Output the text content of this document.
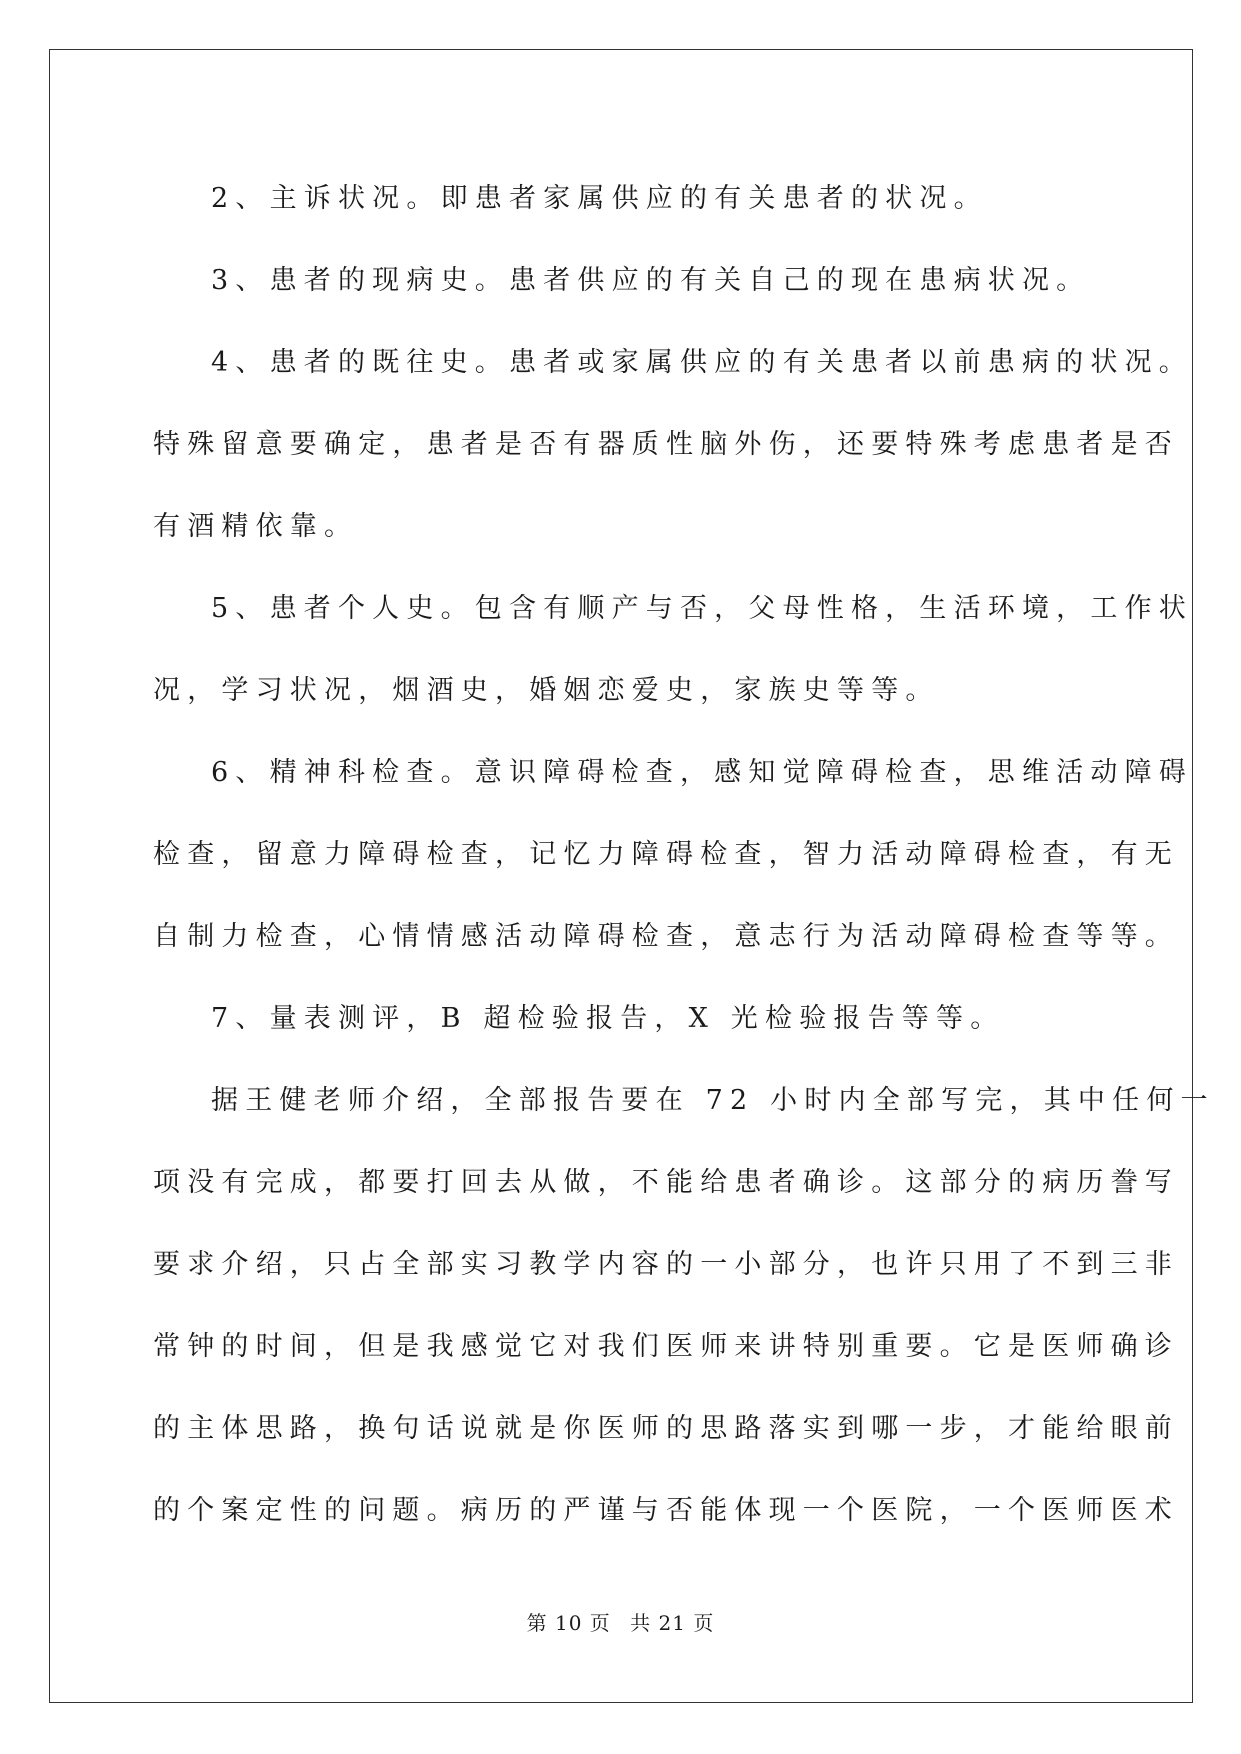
2、主诉状况。即患者家属供应的有关患者的状况。

3、患者的现病史。患者供应的有关自己的现在患病状况。

4、患者的既往史。患者或家属供应的有关患者以前患病的状况。
特殊留意要确定，患者是否有器质性脑外伤，还要特殊考虑患者是否
有酒精依靠。

5、患者个人史。包含有顺产与否，父母性格，生活环境，工作状
况，学习状况，烟酒史，婚姻恋爱史，家族史等等。

6、精神科检查。意识障碍检查，感知觉障碍检查，思维活动障碍
检查，留意力障碍检查，记忆力障碍检查，智力活动障碍检查，有无
自制力检查，心情情感活动障碍检查，意志行为活动障碍检查等等。

7、量表测评，B 超检验报告，X 光检验报告等等。

据王健老师介绍，全部报告要在 72 小时内全部写完，其中任何一
项没有完成，都要打回去从做，不能给患者确诊。这部分的病历誊写
要求介绍，只占全部实习教学内容的一小部分，也许只用了不到三非
常钟的时间，但是我感觉它对我们医师来讲特别重要。它是医师确诊
的主体思路，换句话说就是你医师的思路落实到哪一步，才能给眼前
的个案定性的问题。病历的严谨与否能体现一个医院，一个医师医术

第 10 页 共 21 页
